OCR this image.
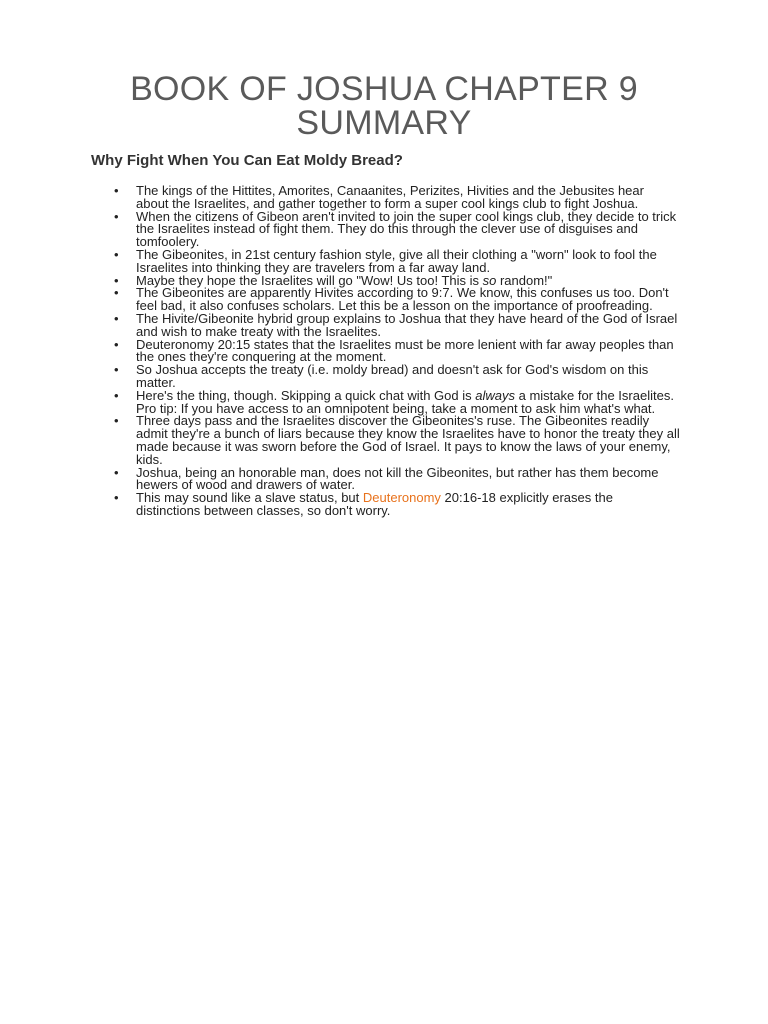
BOOK OF JOSHUA CHAPTER 9
SUMMARY
Why Fight When You Can Eat Moldy Bread?
• The kings of the Hittites, Amorites, Canaanites, Perizites, Hivities and the Jebusites hear about the Israelites, and gather together to form a super cool kings club to fight Joshua.
• When the citizens of Gibeon aren't invited to join the super cool kings club, they decide to trick the Israelites instead of fight them. They do this through the clever use of disguises and tomfoolery.
• The Gibeonites, in 21st century fashion style, give all their clothing a "worn" look to fool the Israelites into thinking they are travelers from a far away land.
• Maybe they hope the Israelites will go "Wow! Us too! This is so random!"
• The Gibeonites are apparently Hivites according to 9:7. We know, this confuses us too. Don't feel bad, it also confuses scholars. Let this be a lesson on the importance of proofreading.
• The Hivite/Gibeonite hybrid group explains to Joshua that they have heard of the God of Israel and wish to make treaty with the Israelites.
• Deuteronomy 20:15 states that the Israelites must be more lenient with far away peoples than the ones they're conquering at the moment.
• So Joshua accepts the treaty (i.e. moldy bread) and doesn't ask for God's wisdom on this matter.
• Here's the thing, though. Skipping a quick chat with God is always a mistake for the Israelites. Pro tip: If you have access to an omnipotent being, take a moment to ask him what's what.
• Three days pass and the Israelites discover the Gibeonites's ruse. The Gibeonites readily admit they're a bunch of liars because they know the Israelites have to honor the treaty they all made because it was sworn before the God of Israel. It pays to know the laws of your enemy, kids.
• Joshua, being an honorable man, does not kill the Gibeonites, but rather has them become hewers of wood and drawers of water.
• This may sound like a slave status, but Deuteronomy 20:16-18 explicitly erases the distinctions between classes, so don't worry.
